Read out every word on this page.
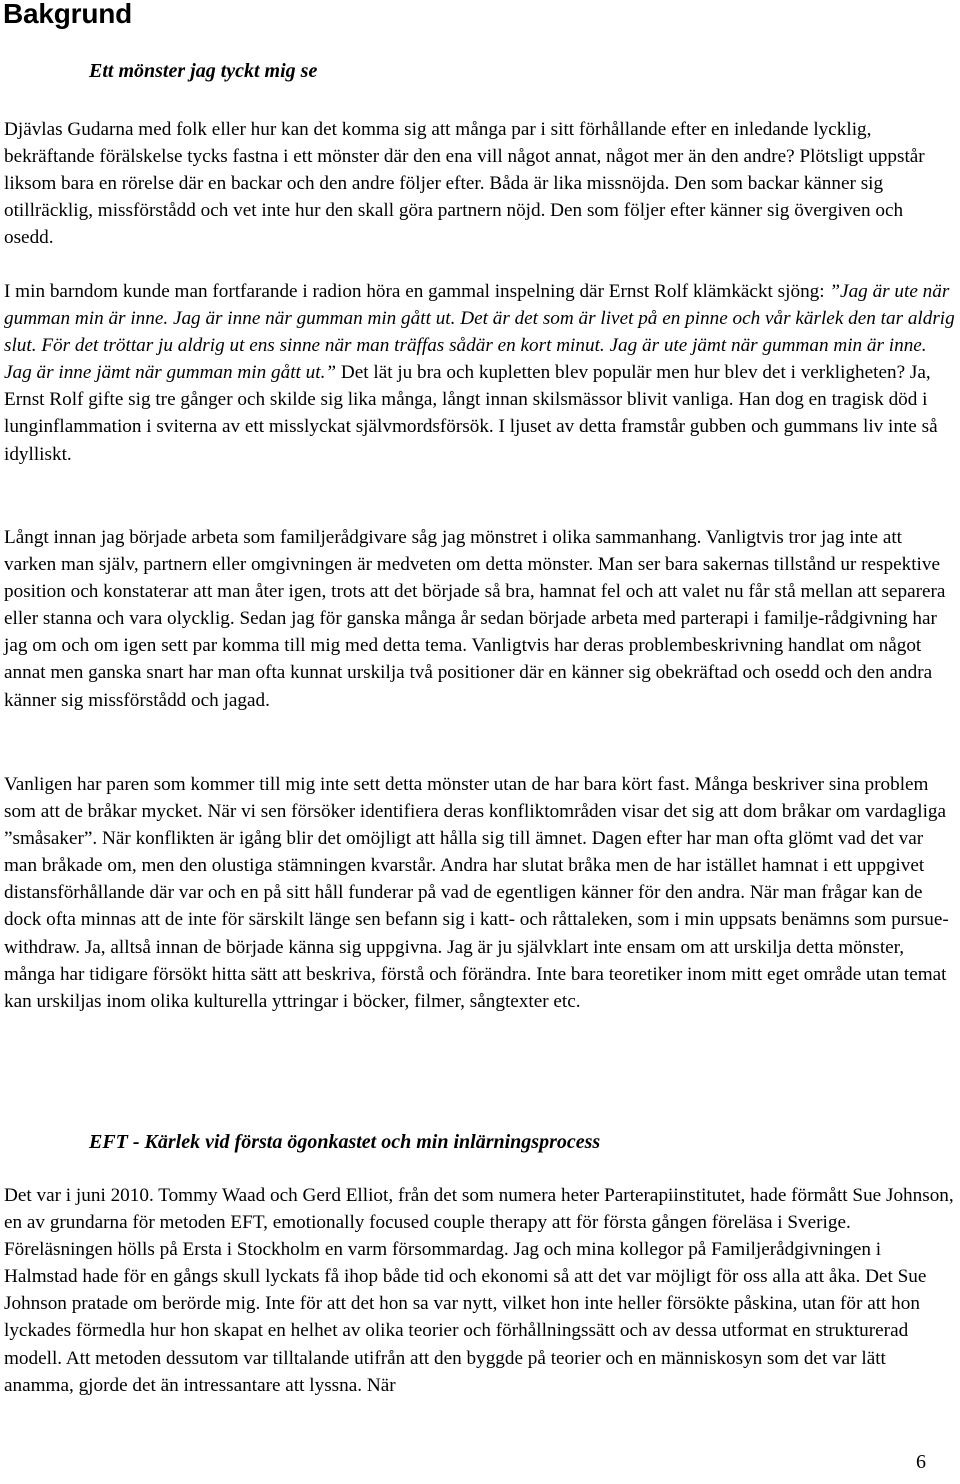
Bakgrund

Ett mönster jag tyckt mig se

Djävlas Gudarna med folk eller hur kan det komma sig att många par i sitt förhållande efter en inledande lycklig, bekräftande förälskelse tycks fastna i ett mönster där den ena vill något annat, något mer än den andre? Plötsligt uppstår liksom bara en rörelse där en backar och den andre följer efter. Båda är lika missnöjda. Den som backar känner sig otillräcklig, missförstådd och vet inte hur den skall göra partnern nöjd. Den som följer efter känner sig övergiven och osedd.

I min barndom kunde man fortfarande i radion höra en gammal inspelning där Ernst Rolf klämkäckt sjöng: ”Jag är ute när gumman min är inne. Jag är inne när gumman min gått ut. Det är det som är livet på en pinne och vår kärlek den tar aldrig slut. För det tröttar ju aldrig ut ens sinne när man träffas sådär en kort minut. Jag är ute jämt när gumman min är inne. Jag är inne jämt när gumman min gått ut.” Det lät ju bra och kupletten blev populär men hur blev det i verkligheten? Ja, Ernst Rolf gifte sig tre gånger och skilde sig lika många, långt innan skilsmässor blivit vanliga. Han dog en tragisk död i lunginflammation i sviterna av ett misslyckat självmordsförsök. I ljuset av detta framstår gubben och gummans liv inte så idylliskt.

Långt innan jag började arbeta som familjerådgivare såg jag mönstret i olika sammanhang. Vanligtvis tror jag inte att varken man själv, partnern eller omgivningen är medveten om detta mönster. Man ser bara sakernas tillstånd ur respektive position och konstaterar att man åter igen, trots att det började så bra, hamnat fel och att valet nu får stå mellan att separera eller stanna och vara olycklig. Sedan jag för ganska många år sedan började arbeta med parterapi i familje-rådgivning har jag om och om igen sett par komma till mig med detta tema. Vanligtvis har deras problembeskrivning handlat om något annat men ganska snart har man ofta kunnat urskilja två positioner där en känner sig obekräftad och osedd och den andra känner sig missförstådd och jagad.

Vanligen har paren som kommer till mig inte sett detta mönster utan de har bara kört fast. Många beskriver sina problem som att de bråkar mycket. När vi sen försöker identifiera deras konfliktområden visar det sig att dom bråkar om vardagliga ”småsaker”. När konflikten är igång blir det omöjligt att hålla sig till ämnet. Dagen efter har man ofta glömt vad det var man bråkade om, men den olustiga stämningen kvarstår. Andra har slutat bråka men de har istället hamnat i ett uppgivet distansförhållande där var och en på sitt håll funderar på vad de egentligen känner för den andra. När man frågar kan de dock ofta minnas att de inte för särskilt länge sen befann sig i katt- och råttaleken, som i min uppsats benämns som pursue-withdraw. Ja, alltså innan de började känna sig uppgivna. Jag är ju självklart inte ensam om att urskilja detta mönster, många har tidigare försökt hitta sätt att beskriva, förstå och förändra. Inte bara teoretiker inom mitt eget område utan temat kan urskiljas inom olika kulturella yttringar i böcker, filmer, sångtexter etc.

EFT - Kärlek vid första ögonkastet och min inlärningsprocess

Det var i juni 2010. Tommy Waad och Gerd Elliot, från det som numera heter Parterapiinstitutet, hade förmått Sue Johnson, en av grundarna för metoden EFT, emotionally focused couple therapy att för första gången föreläsa i Sverige. Föreläsningen hölls på Ersta i Stockholm en varm försommardag. Jag och mina kollegor på Familjerådgivningen i Halmstad hade för en gångs skull lyckats få ihop både tid och ekonomi så att det var möjligt för oss alla att åka. Det Sue Johnson pratade om berörde mig. Inte för att det hon sa var nytt, vilket hon inte heller försökte påskina, utan för att hon lyckades förmedla hur hon skapat en helhet av olika teorier och förhållningssätt och av dessa utformat en strukturerad modell. Att metoden dessutom var tilltalande utifrån att den byggde på teorier och en människosyn som det var lätt anamma, gjorde det än intressantare att lyssna. När

6
